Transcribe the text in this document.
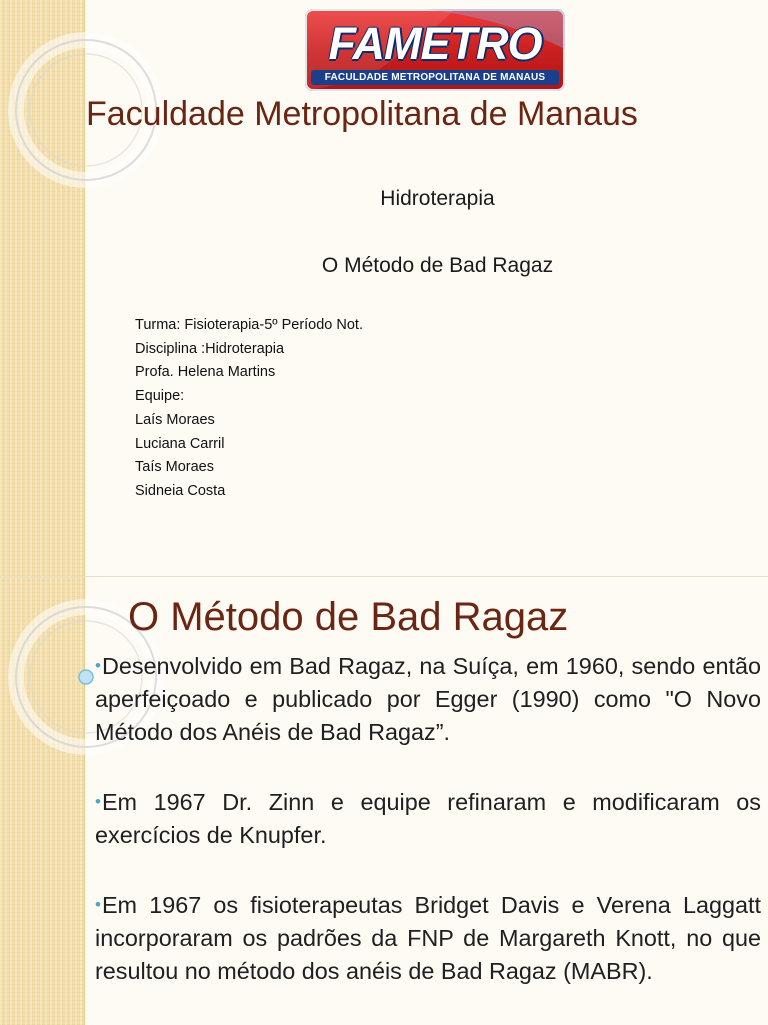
FAMETRO
FACULDADE METROPOLITANA DE MANAUS
Faculdade Metropolitana de Manaus
Hidroterapia
O Método de Bad Ragaz
Turma: Fisioterapia-5º Período Not.
Disciplina :Hidroterapia
Profa. Helena Martins
Equipe:
Laís Moraes
Luciana Carril
Taís Moraes
Sidneia Costa
O Método de Bad Ragaz
•Desenvolvido em Bad Ragaz, na Suíça, em 1960, sendo então aperfeiçoado e publicado por Egger (1990) como "O Novo Método dos Anéis de Bad Ragaz”.
•Em 1967 Dr. Zinn e equipe refinaram e modificaram os exercícios de Knupfer.
•Em 1967 os fisioterapeutas Bridget Davis e Verena Laggatt incorporaram os padrões da FNP de Margareth Knott, no que resultou no método dos anéis de Bad Ragaz (MABR).
